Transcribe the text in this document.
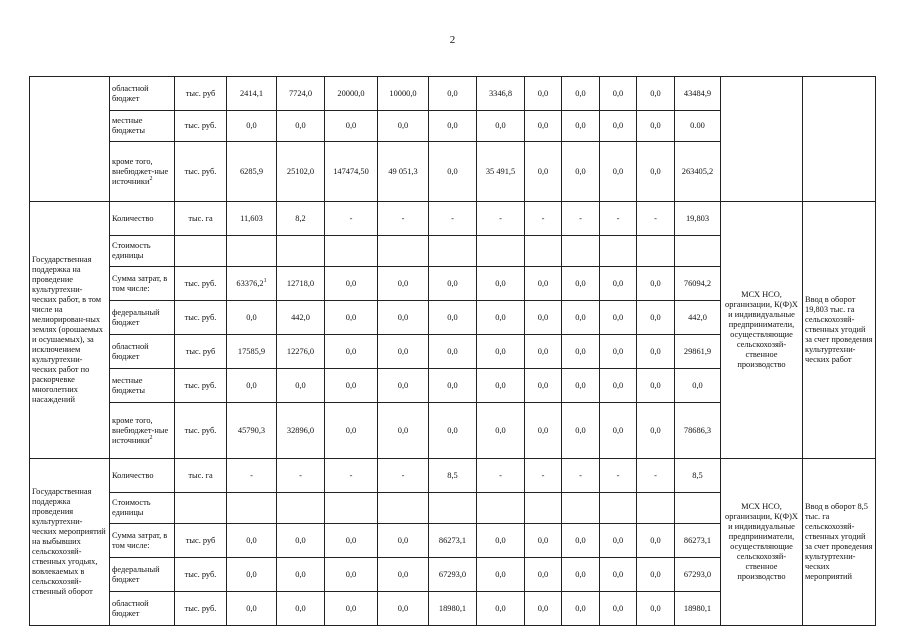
2
	областной бюджет	тыс. руб	2414,1	7724,0	20000,0	10000,0	0,0	3346,8	0,0	0,0	0,0	0,0	43484,9		
	местные бюджеты	тыс. руб.	0,0	0,0	0,0	0,0	0,0	0,0	0,0	0,0	0,0	0,0	0.00		
	кроме того, внебюджет-ные источники$^2$	тыс. руб.	6285,9	25102,0	147474,50	49 051,3	0,0	35 491,5	0,0	0,0	0,0	0,0	263405,2		
Государственная поддержка на проведение культуртехни-ческих работ, в том числе на мелиорирован-ных землях (орошаемых и осушаемых), за исключением культуртехни-ческих работ по раскорчевке многолетних насаждений	Количество	тыс. га	11,603	8,2	-	-	-	-	-	-	-	-	19,803	МСХ НСО, организации, К(Ф)Х и индивидуальные предприниматели, осуществляющие сельскохозяй-ственное производство	Ввод в оборот 19,803 тыс. га сельскохозяй-ственных угодий за счет проведения культуртехни-ческих работ
	Стоимость единицы														
	Сумма затрат, в том числе:	тыс. руб.	63376,2$^1$	12718,0	0,0	0,0	0,0	0,0	0,0	0,0	0,0	0,0	76094,2		
	федеральный бюджет	тыс. руб.	0,0	442,0	0,0	0,0	0,0	0,0	0,0	0,0	0,0	0,0	442,0		
	областной бюджет	тыс. руб	17585,9	12276,0	0,0	0,0	0,0	0,0	0,0	0,0	0,0	0,0	29861,9		
	местные бюджеты	тыс. руб.	0,0	0,0	0,0	0,0	0,0	0,0	0,0	0,0	0,0	0,0	0,0		
	кроме того, внебюджет-ные источники$^2$	тыс. руб.	45790,3	32896,0	0,0	0,0	0,0	0,0	0,0	0,0	0,0	0,0	78686,3		
Государственная поддержка проведения культуртехни-ческих мероприятий на выбывших сельскохозяй-ственных угодьях, вовлекаемых в сельскохозяй-ственный оборот	Количество	тыс. га	-	-	-	-	8,5	-	-	-	-	-	8,5	МСХ НСО, организации, К(Ф)Х и индивидуальные предприниматели, осуществляющие сельскохозяй-ственное производство	Ввод в оборот 8,5 тыс. га сельскохозяй-ственных угодий за счет проведения культуртехни-ческих мероприятий
	Стоимость единицы														
	Сумма затрат, в том числе:	тыс. руб	0,0	0,0	0,0	0,0	86273,1	0,0	0,0	0,0	0,0	0,0	86273,1		
	федеральный бюджет	тыс. руб.	0,0	0,0	0,0	0,0	67293,0	0,0	0,0	0,0	0,0	0,0	67293,0		
	областной бюджет	тыс. руб.	0,0	0,0	0,0	0,0	18980,1	0,0	0,0	0,0	0,0	0,0	18980,1		
